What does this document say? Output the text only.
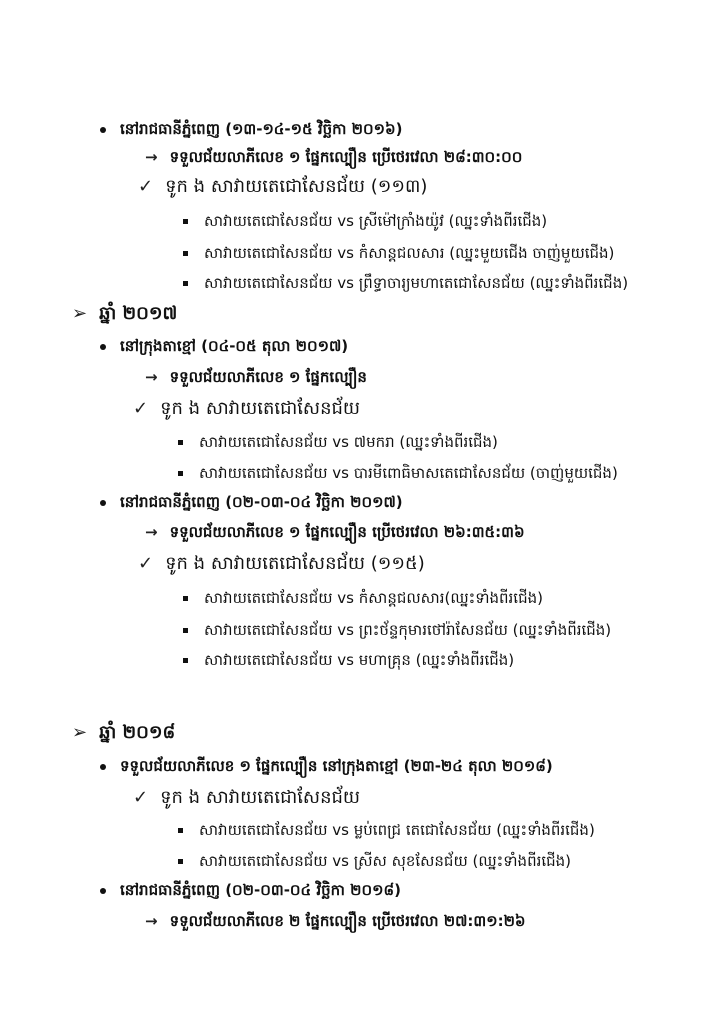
នៅរាជធានីភ្នំពេញ (១៣-១៤-១៥ វិច្ឆិកា ២០១៦)
→ ទទួលជ័យលាភីលេខ ១ ផ្នែកល្បឿន ប្រើថេរវេលា ២៨:៣០:០០
✓ ទូក ង សាវាយតេជោសែនជ័យ (១១៣)
សាវាយតេជោសែនជ័យ vs ស្រីម៉ៅក្រាំងយ៉ូវ (ឈ្នះទាំងពីរជើង)
សាវាយតេជោសែនជ័យ vs កំសាន្តជលសារ (ឈ្នះមួយជើង ចាញ់មួយជើង)
សាវាយតេជោសែនជ័យ vs ព្រឹទ្ធាចារ្យមហាតេជោសែនជ័យ (ឈ្នះទាំងពីរជើង)
➢ ឆ្នាំ ២០១៧
នៅក្រុងតាខ្មៅ (០៤-០៥ តុលា ២០១៧)
→ ទទួលជ័យលាភីលេខ ១ ផ្នែកល្បឿន
✓ ទូក ង សាវាយតេជោសែនជ័យ
សាវាយតេជោសែនជ័យ vs ៧មករា (ឈ្នះទាំងពីរជើង)
សាវាយតេជោសែនជ័យ vs បារមីពោធិមាសតេជោសែនជ័យ (ចាញ់មួយជើង)
នៅរាជធានីភ្នំពេញ (០២-០៣-០៤ វិច្ឆិកា ២០១៧)
→ ទទួលជ័យលាភីលេខ ១ ផ្នែកល្បឿន ប្រើថេរវេលា ២៦:៣៥:៣៦
✓ ទូក ង សាវាយតេជោសែនជ័យ (១១៥)
សាវាយតេជោសែនជ័យ vs កំសាន្តជលសារ(ឈ្នះទាំងពីរជើង)
សាវាយតេជោសែនជ័យ vs ព្រះថ័ន្ទកុមារថៅរ៉ាសែនជ័យ (ឈ្នះទាំងពីរជើង)
សាវាយតេជោសែនជ័យ vs មហាគ្រុន (ឈ្នះទាំងពីរជើង)
➢ ឆ្នាំ ២០១៨
ទទួលជ័យលាភីលេខ ១ ផ្នែកល្បឿន នៅក្រុងតាខ្មៅ (២៣-២៤ តុលា ២០១៨)
✓ ទូក ង សាវាយតេជោសែនជ័យ
សាវាយតេជោសែនជ័យ vs ម្លប់ពេជ្រ តេជោសែនជ័យ (ឈ្នះទាំងពីរជើង)
សាវាយតេជោសែនជ័យ vs ស្រីស សុខសែនជ័យ (ឈ្នះទាំងពីរជើង)
នៅរាជធានីភ្នំពេញ (០២-០៣-០៤ វិច្ឆិកា ២០១៨)
→ ទទួលជ័យលាភីលេខ ២ ផ្នែកល្បឿន ប្រើថេរវេលា ២៧:៣១:២៦
